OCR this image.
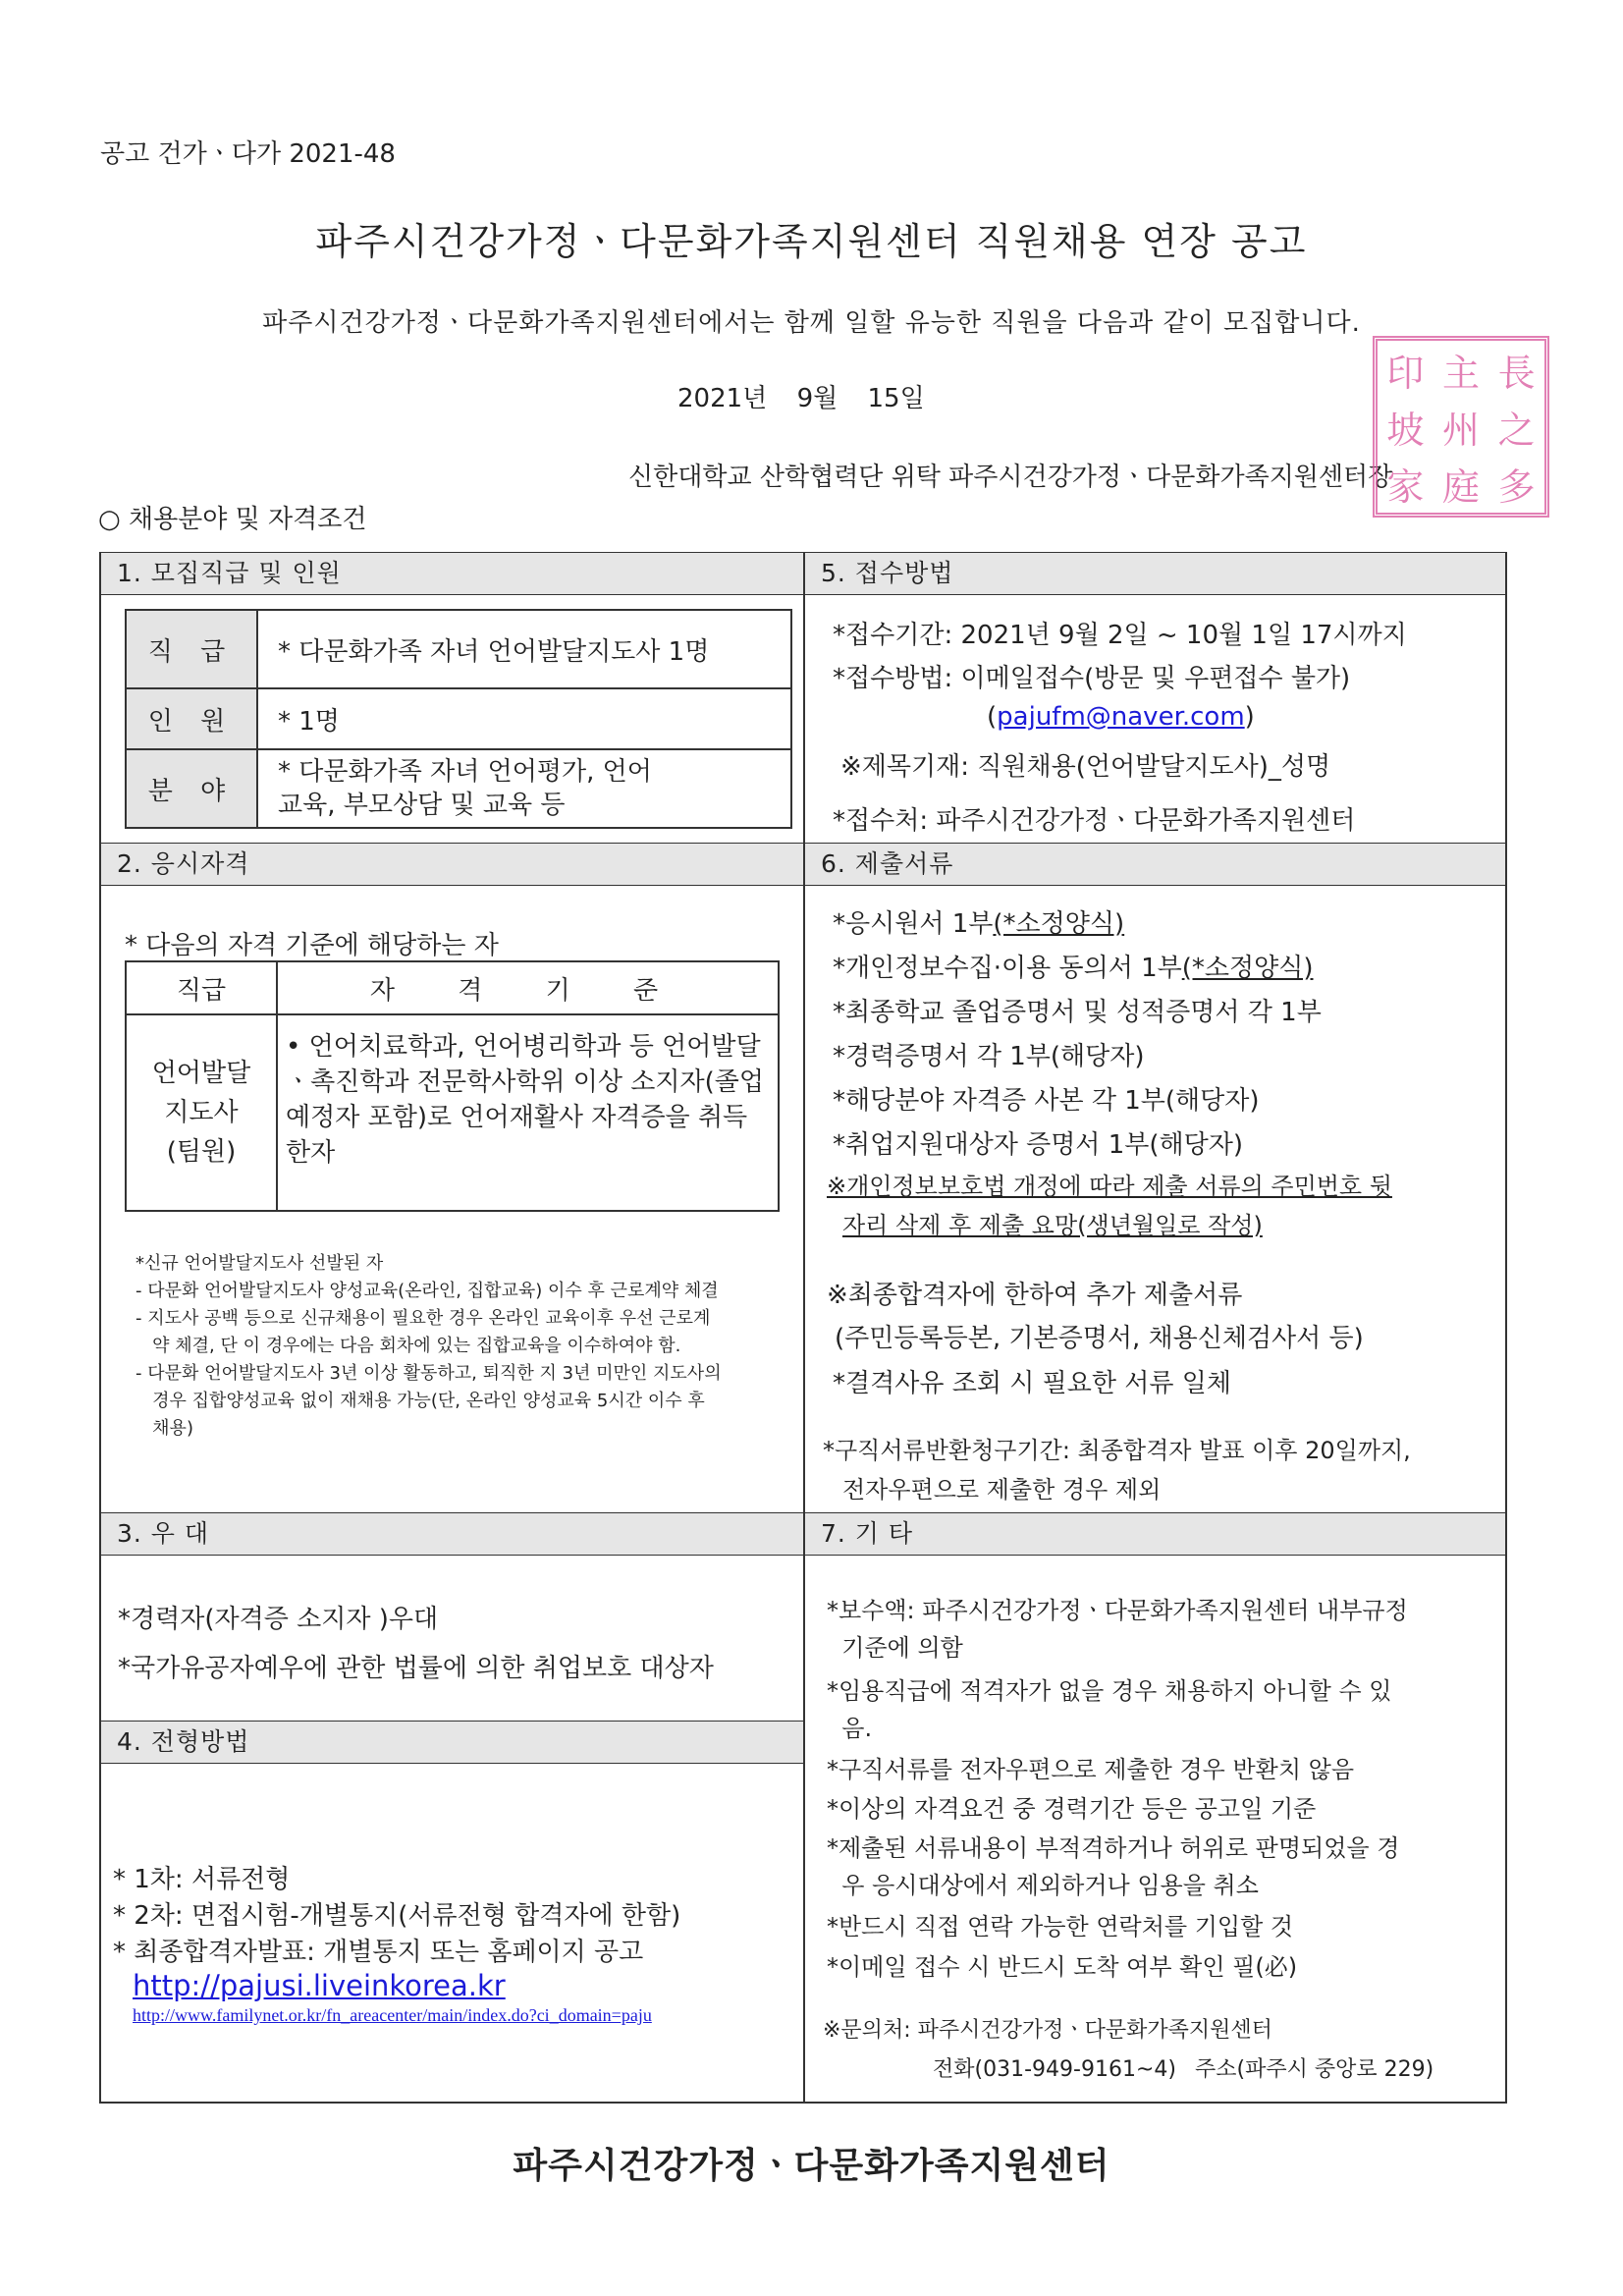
공고 건가ㆍ다가 2021-48
파주시건강가정ㆍ다문화가족지원센터 직원채용 연장 공고
파주시건강가정ㆍ다문화가족지원센터에서는 함께 일할 유능한 직원을 다음과 같이 모집합니다.
2021년 9월 15일
신한대학교 산학협력단 위탁 파주시건강가정ㆍ다문화가족지원센터장
印 主 長
坡 州 之
家 庭 多
○ 채용분야 및 자격조건
1. 모집직급 및 인원	5. 접수방법
2. 응시자격	6. 제출서류
3. 우 대	7. 기 타
4. 전형방법
직 급	* 다문화가족 자녀 언어발달지도사 1명
인 원	* 1명
분 야	* 다문화가족 자녀 언어평가, 언어
교육, 부모상담 및 교육 등
* 다음의 자격 기준에 해당하는 자
직급	자 격 기 준
언어발달
지도사
(팀원)	• 언어치료학과, 언어병리학과 등 언어발달ㆍ촉진학과 전문학사학위 이상 소지자(졸업예정자 포함)로 언어재활사 자격증을 취득한자
*신규 언어발달지도사 선발된 자
- 다문화 언어발달지도사 양성교육(온라인, 집합교육) 이수 후 근로계약 체결
- 지도사 공백 등으로 신규채용이 필요한 경우 온라인 교육이후 우선 근로계
약 체결, 단 이 경우에는 다음 회차에 있는 집합교육을 이수하여야 함.
- 다문화 언어발달지도사 3년 이상 활동하고, 퇴직한 지 3년 미만인 지도사의
경우 집합양성교육 없이 재채용 가능(단, 온라인 양성교육 5시간 이수 후
채용)
*경력자(자격증 소지자 )우대
*국가유공자예우에 관한 법률에 의한 취업보호 대상자
* 1차: 서류전형
* 2차: 면접시험-개별통지(서류전형 합격자에 한함)
* 최종합격자발표: 개별통지 또는 홈페이지 공고
http://pajusi.liveinkorea.kr
http://www.familynet.or.kr/fn_areacenter/main/index.do?ci_domain=paju
*접수기간: 2021년 9월 2일 ~ 10월 1일 17시까지
*접수방법: 이메일접수(방문 및 우편접수 불가)
(pajufm@naver.com)
※제목기재: 직원채용(언어발달지도사)_성명
*접수처: 파주시건강가정ㆍ다문화가족지원센터
*응시원서 1부(*소정양식)
*개인정보수집·이용 동의서 1부(*소정양식)
*최종학교 졸업증명서 및 성적증명서 각 1부
*경력증명서 각 1부(해당자)
*해당분야 자격증 사본 각 1부(해당자)
*취업지원대상자 증명서 1부(해당자)
※개인정보보호법 개정에 따라 제출 서류의 주민번호 뒷
자리 삭제 후 제출 요망(생년월일로 작성)
※최종합격자에 한하여 추가 제출서류
(주민등록등본, 기본증명서, 채용신체검사서 등)
*결격사유 조회 시 필요한 서류 일체
*구직서류반환청구기간: 최종합격자 발표 이후 20일까지,
전자우편으로 제출한 경우 제외
*보수액: 파주시건강가정ㆍ다문화가족지원센터 내부규정
기준에 의함
*임용직급에 적격자가 없을 경우 채용하지 아니할 수 있
음.
*구직서류를 전자우편으로 제출한 경우 반환치 않음
*이상의 자격요건 중 경력기간 등은 공고일 기준
*제출된 서류내용이 부적격하거나 허위로 판명되었을 경
우 응시대상에서 제외하거나 임용을 취소
*반드시 직접 연락 가능한 연락처를 기입할 것
*이메일 접수 시 반드시 도착 여부 확인 필(必)
※문의처: 파주시건강가정ㆍ다문화가족지원센터
전화(031-949-9161~4) 주소(파주시 중앙로 229)
파주시건강가정ㆍ다문화가족지원센터
